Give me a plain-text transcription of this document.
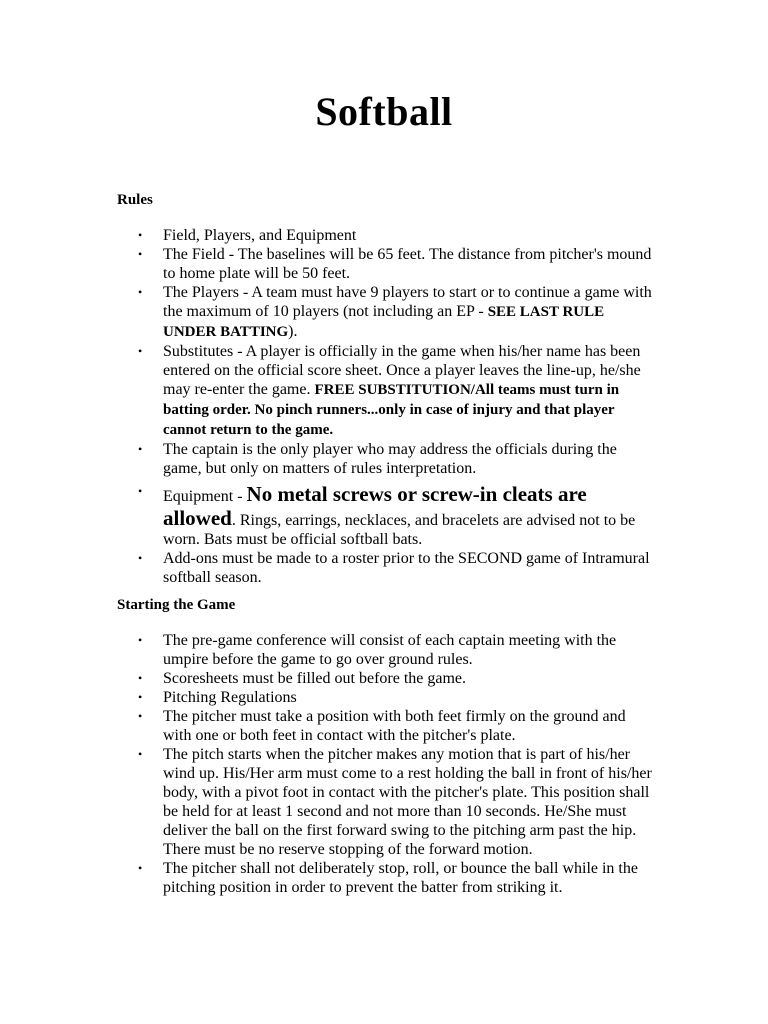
Softball
Rules
• Field, Players, and Equipment
• The Field - The baselines will be 65 feet. The distance from pitcher's mound to home plate will be 50 feet.
• The Players - A team must have 9 players to start or to continue a game with the maximum of 10 players (not including an EP - SEE LAST RULE UNDER BATTING).
• Substitutes - A player is officially in the game when his/her name has been entered on the official score sheet. Once a player leaves the line-up, he/she may re-enter the game. FREE SUBSTITUTION/All teams must turn in batting order. No pinch runners...only in case of injury and that player cannot return to the game.
• The captain is the only player who may address the officials during the game, but only on matters of rules interpretation.
• Equipment - No metal screws or screw-in cleats are allowed. Rings, earrings, necklaces, and bracelets are advised not to be worn. Bats must be official softball bats.
• Add-ons must be made to a roster prior to the SECOND game of Intramural softball season.
Starting the Game
• The pre-game conference will consist of each captain meeting with the umpire before the game to go over ground rules.
• Scoresheets must be filled out before the game.
• Pitching Regulations
• The pitcher must take a position with both feet firmly on the ground and with one or both feet in contact with the pitcher's plate.
• The pitch starts when the pitcher makes any motion that is part of his/her wind up. His/Her arm must come to a rest holding the ball in front of his/her body, with a pivot foot in contact with the pitcher's plate. This position shall be held for at least 1 second and not more than 10 seconds. He/She must deliver the ball on the first forward swing to the pitching arm past the hip. There must be no reserve stopping of the forward motion.
• The pitcher shall not deliberately stop, roll, or bounce the ball while in the pitching position in order to prevent the batter from striking it.
